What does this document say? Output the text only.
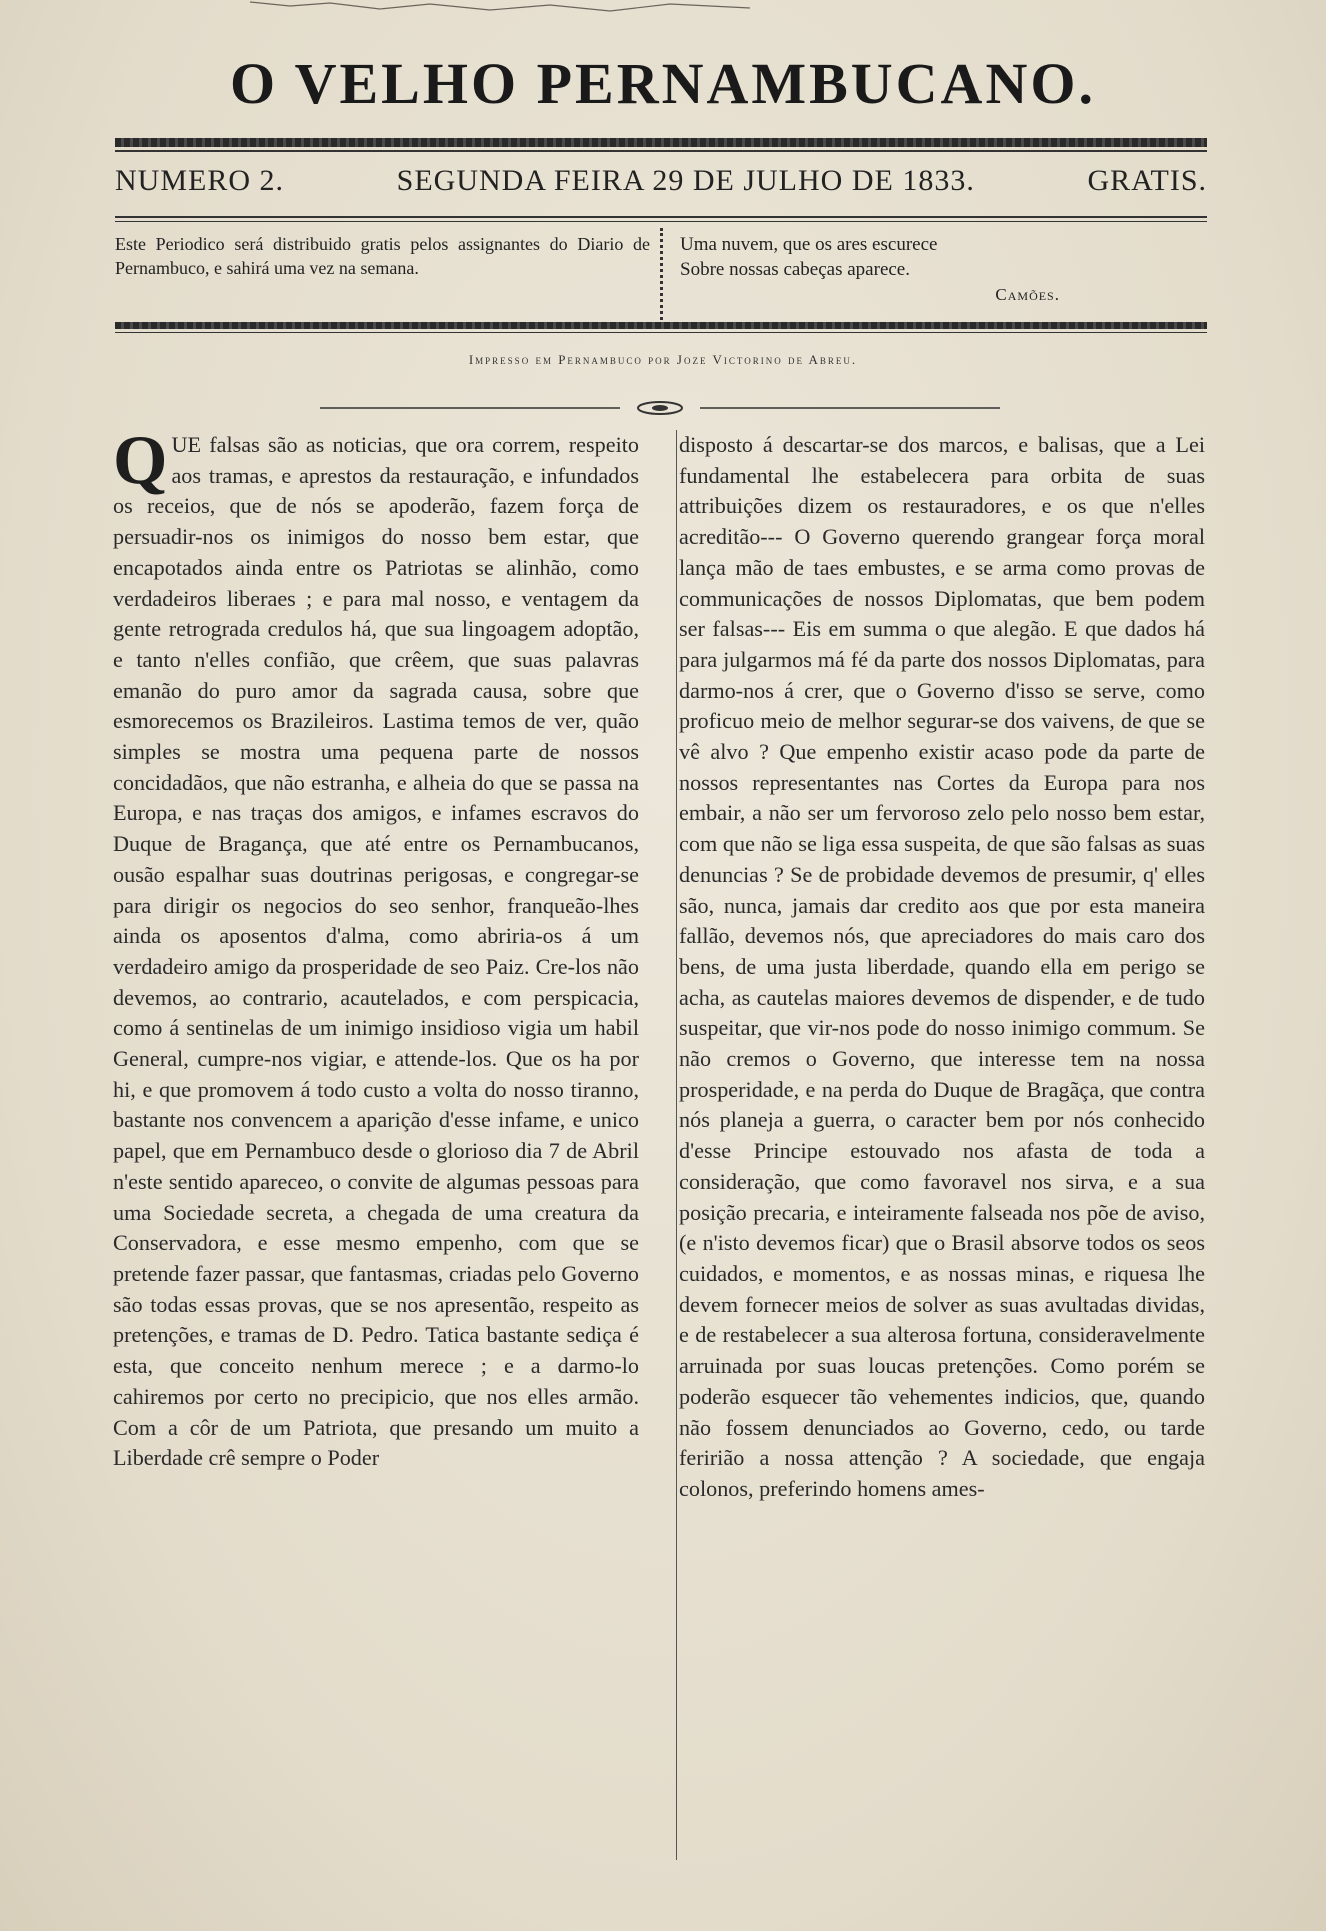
O VELHO PERNAMBUCANO.
NUMERO 2.	SEGUNDA FEIRA 29 DE JULHO DE 1833.	GRATIS.
Este Periodico será distribuido gratis pelos assignantes do Diario de Pernambuco, e sahirá uma vez na semana.
Uma nuvem, que os ares escurece
Sobre nossas cabeças aparece.
Camões.
Impresso em Pernambuco por Joze Victorino de Abreu.

QUE falsas são as noticias, que ora correm, respeito aos tramas, e aprestos da restauração, e infundados os receios, que de nós se apoderão, fazem força de persuadir-nos os inimigos do nosso bem estar, que encapotados ainda entre os Patriotas se alinhão, como verdadeiros liberaes ; e para mal nosso, e ventagem da gente retrograda credulos há, que sua lingoagem adoptão, e tanto n'elles confião, que crêem, que suas palavras emanão do puro amor da sagrada causa, sobre que esmorecemos os Brazileiros. Lastima temos de ver, quão simples se mostra uma pequena parte de nossos concidadãos, que não estranha, e alheia do que se passa na Europa, e nas traças dos amigos, e infames escravos do Duque de Bragança, que até entre os Pernambucanos, ousão espalhar suas doutrinas perigosas, e congregar-se para dirigir os negocios do seo senhor, franqueão-lhes ainda os aposentos d'alma, como abriria-os á um verdadeiro amigo da prosperidade de seo Paiz. Cre-los não devemos, ao contrario, acautelados, e com perspicacia, como á sentinelas de um inimigo insidioso vigia um habil General, cumpre-nos vigiar, e attende-los. Que os ha por hi, e que promovem á todo custo a volta do nosso tiranno, bastante nos convencem a aparição d'esse infame, e unico papel, que em Pernambuco desde o glorioso dia 7 de Abril n'este sentido apareceo, o convite de algumas pessoas para uma Sociedade secreta, a chegada de uma creatura da Conservadora, e esse mesmo empenho, com que se pretende fazer passar, que fantasmas, criadas pelo Governo são todas essas provas, que se nos apresentão, respeito as pretenções, e tramas de D. Pedro. Tatica bastante sediça é esta, que conceito nenhum merece ; e a darmo-lo cahiremos por certo no precipicio, que nos elles armão. Com a côr de um Patriota, que presando um muito a Liberdade crê sempre o Poder

disposto á descartar-se dos marcos, e balisas, que a Lei fundamental lhe estabelecera para orbita de suas attribuições dizem os restauradores, e os que n'elles acreditão--- O Governo querendo grangear força moral lança mão de taes embustes, e se arma como provas de communicações de nossos Diplomatas, que bem podem ser falsas--- Eis em summa o que alegão. E que dados há para julgarmos má fé da parte dos nossos Diplomatas, para darmo-nos á crer, que o Governo d'isso se serve, como proficuo meio de melhor segurar-se dos vaivens, de que se vê alvo ? Que empenho existir acaso pode da parte de nossos representantes nas Cortes da Europa para nos embair, a não ser um fervoroso zelo pelo nosso bem estar, com que não se liga essa suspeita, de que são falsas as suas denuncias ? Se de probidade devemos de presumir, q' elles são, nunca, jamais dar credito aos que por esta maneira fallão, devemos nós, que apreciadores do mais caro dos bens, de uma justa liberdade, quando ella em perigo se acha, as cautelas maiores devemos de dispender, e de tudo suspeitar, que vir-nos pode do nosso inimigo commum. Se não cremos o Governo, que interesse tem na nossa prosperidade, e na perda do Duque de Bragãça, que contra nós planeja a guerra, o caracter bem por nós conhecido d'esse Principe estouvado nos afasta de toda a consideração, que como favoravel nos sirva, e a sua posição precaria, e inteiramente falseada nos põe de aviso, (e n'isto devemos ficar) que o Brasil absorve todos os seos cuidados, e momentos, e as nossas minas, e riquesa lhe devem fornecer meios de solver as suas avultadas dividas, e de restabelecer a sua alterosa fortuna, consideravelmente arruinada por suas loucas pretenções. Como porém se poderão esquecer tão vehementes indicios, que, quando não fossem denunciados ao Governo, cedo, ou tarde feririão a nossa attenção ? A sociedade, que engaja colonos, preferindo homens ames-
